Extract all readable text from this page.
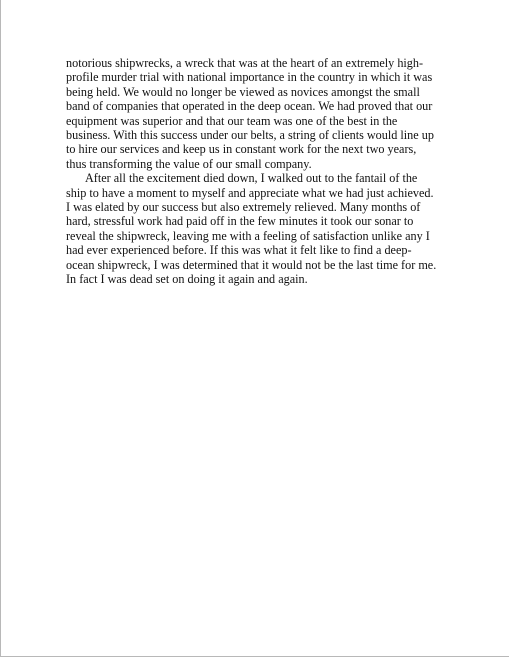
notorious shipwrecks, a wreck that was at the heart of an extremely high-
profile murder trial with national importance in the country in which it was
being held. We would no longer be viewed as novices amongst the small
band of companies that operated in the deep ocean. We had proved that our
equipment was superior and that our team was one of the best in the
business. With this success under our belts, a string of clients would line up
to hire our services and keep us in constant work for the next two years,
thus transforming the value of our small company.
After all the excitement died down, I walked out to the fantail of the
ship to have a moment to myself and appreciate what we had just achieved.
I was elated by our success but also extremely relieved. Many months of
hard, stressful work had paid off in the few minutes it took our sonar to
reveal the shipwreck, leaving me with a feeling of satisfaction unlike any I
had ever experienced before. If this was what it felt like to find a deep-
ocean shipwreck, I was determined that it would not be the last time for me.
In fact I was dead set on doing it again and again.
